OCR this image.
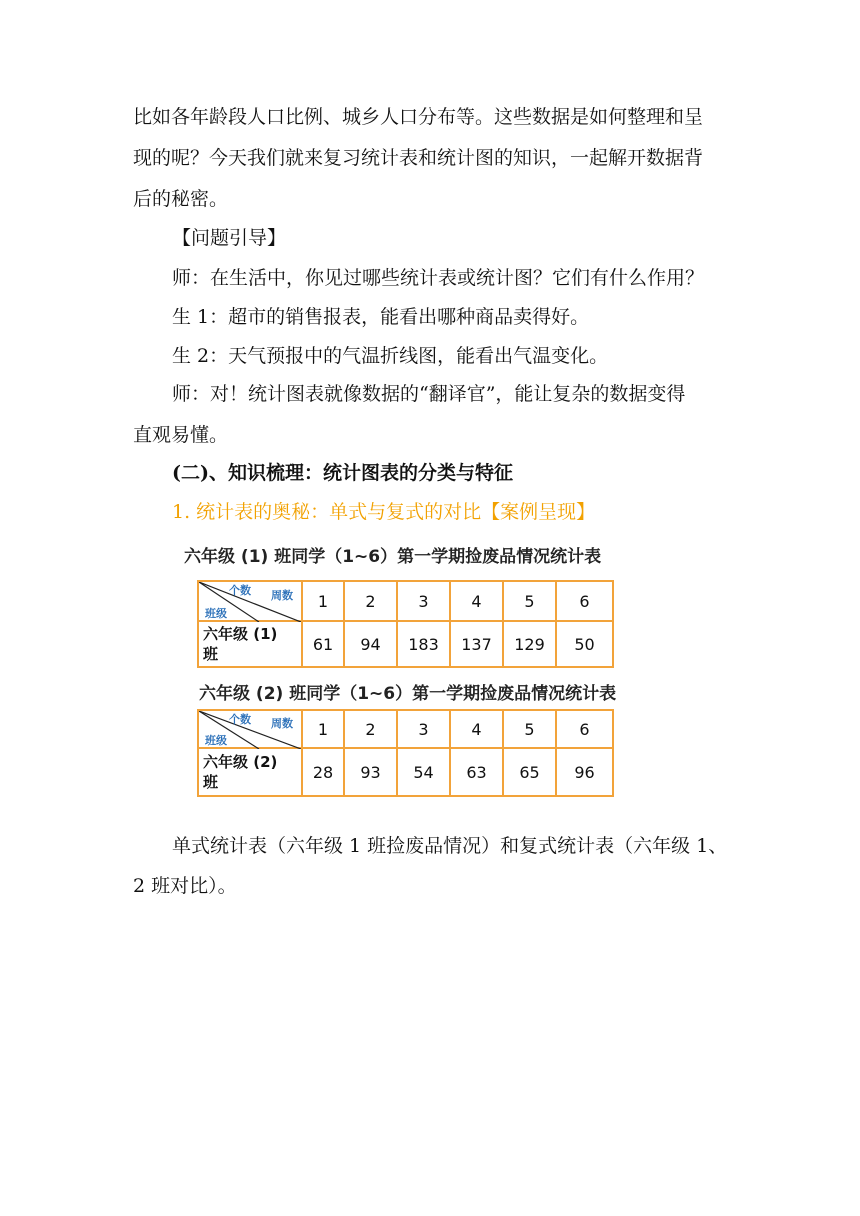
比如各年龄段人口比例、城乡人口分布等。这些数据是如何整理和呈
现的呢？今天我们就来复习统计表和统计图的知识，一起解开数据背
后的秘密。
【问题引导】
师：在生活中，你见过哪些统计表或统计图？它们有什么作用？
生 1：超市的销售报表，能看出哪种商品卖得好。
生 2：天气预报中的气温折线图，能看出气温变化。
师：对！统计图表就像数据的“翻译官”，能让复杂的数据变得
直观易懂。
(二)、知识梳理：统计图表的分类与特征
1. 统计表的奥秘：单式与复式的对比【案例呈现】
六年级 (1) 班同学（1~6）第一学期捡废品情况统计表
个数 周数
班级	1	2	3	4	5	6
六年级 (1)
班	61	94	183	137	129	50
六年级 (2) 班同学（1~6）第一学期捡废品情况统计表
个数 周数
班级	1	2	3	4	5	6
六年级 (2)
班	28	93	54	63	65	96
单式统计表（六年级 1 班捡废品情况）和复式统计表（六年级 1、
2 班对比）。
